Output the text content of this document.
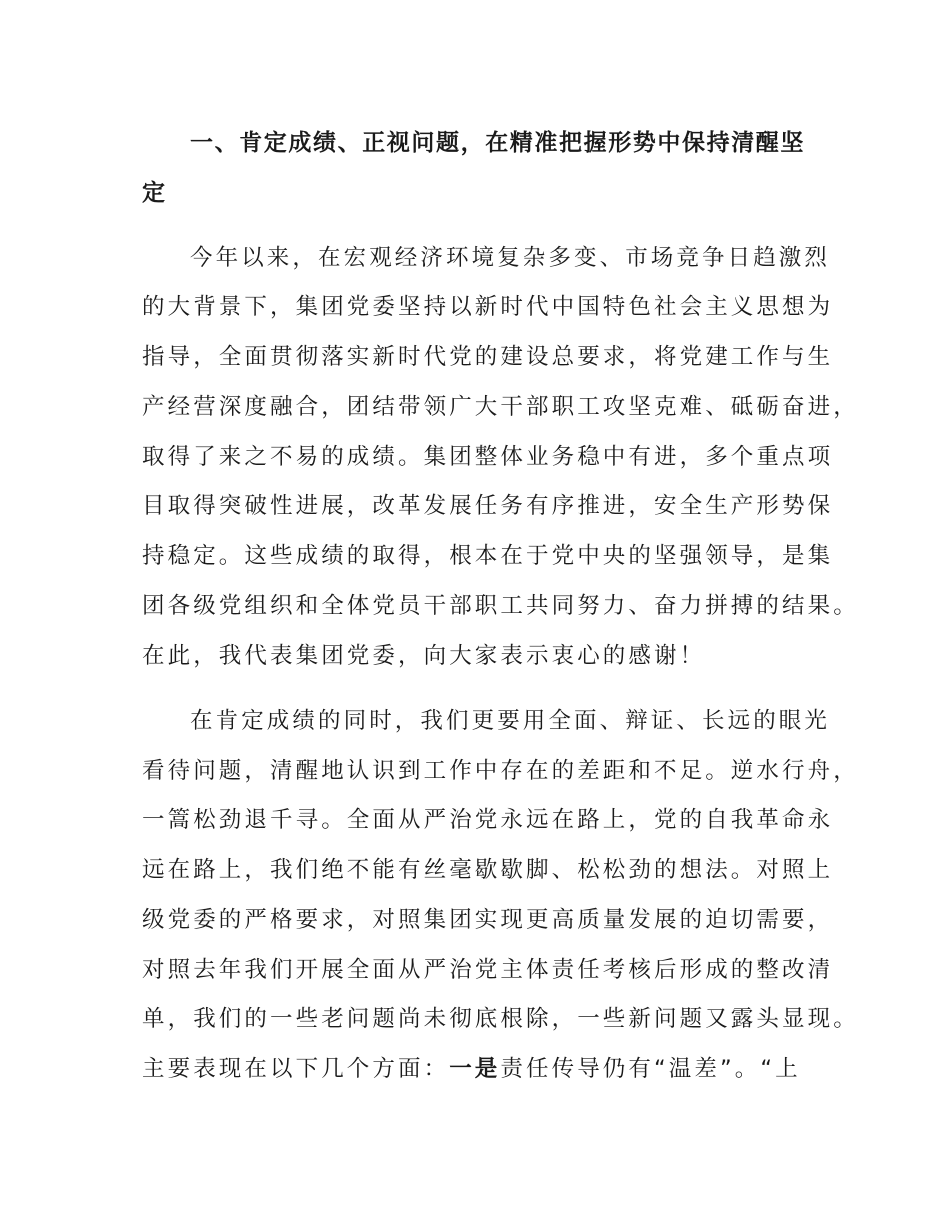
一、肯定成绩、正视问题，在精准把握形势中保持清醒坚
定
今年以来，在宏观经济环境复杂多变、市场竞争日趋激烈
的大背景下，集团党委坚持以新时代中国特色社会主义思想为
指导，全面贯彻落实新时代党的建设总要求，将党建工作与生
产经营深度融合，团结带领广大干部职工攻坚克难、砥砺奋进，
取得了来之不易的成绩。集团整体业务稳中有进，多个重点项
目取得突破性进展，改革发展任务有序推进，安全生产形势保
持稳定。这些成绩的取得，根本在于党中央的坚强领导，是集
团各级党组织和全体党员干部职工共同努力、奋力拼搏的结果。
在此，我代表集团党委，向大家表示衷心的感谢！
在肯定成绩的同时，我们更要用全面、辩证、长远的眼光
看待问题，清醒地认识到工作中存在的差距和不足。逆水行舟，
一篙松劲退千寻。全面从严治党永远在路上，党的自我革命永
远在路上，我们绝不能有丝毫歇歇脚、松松劲的想法。对照上
级党委的严格要求，对照集团实现更高质量发展的迫切需要，
对照去年我们开展全面从严治党主体责任考核后形成的整改清
单，我们的一些老问题尚未彻底根除，一些新问题又露头显现。
主要表现在以下几个方面：一是责任传导仍有“温差”。“上
